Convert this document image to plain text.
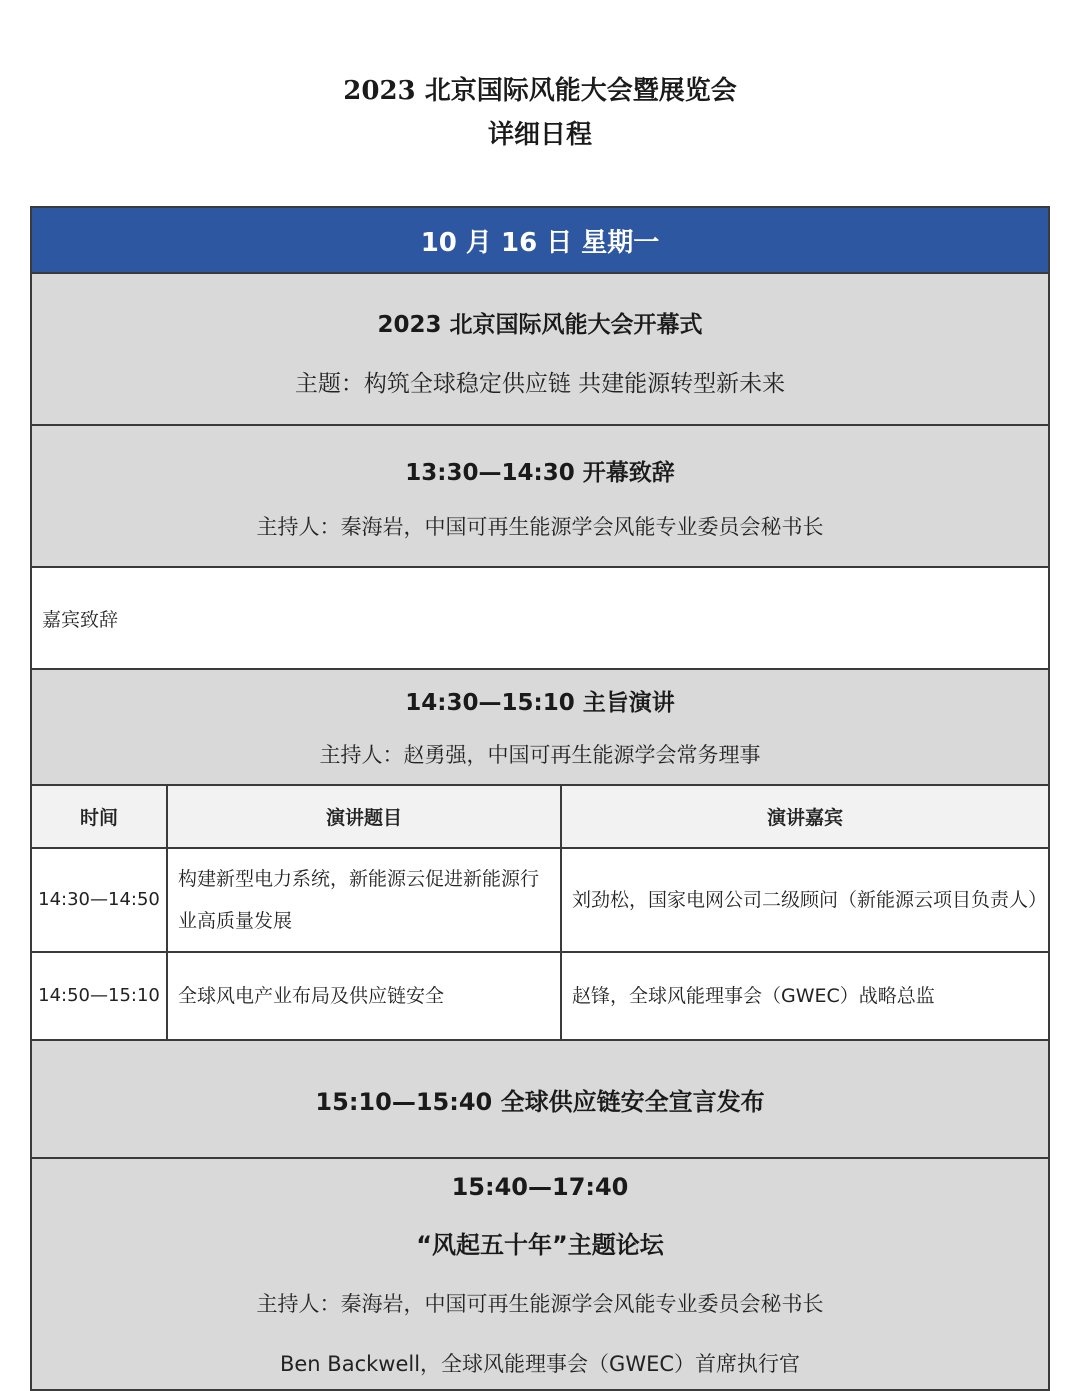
2023 北京国际风能大会暨展览会
详细日程
10 月 16 日 星期一
2023 北京国际风能大会开幕式
主题：构筑全球稳定供应链 共建能源转型新未来
13:30—14:30 开幕致辞
主持人：秦海岩，中国可再生能源学会风能专业委员会秘书长
嘉宾致辞
14:30—15:10 主旨演讲
主持人：赵勇强，中国可再生能源学会常务理事
时间	演讲题目	演讲嘉宾
14:30—14:50	构建新型电力系统，新能源云促进新能源行业高质量发展	刘劲松，国家电网公司二级顾问（新能源云项目负责人）
14:50—15:10	全球风电产业布局及供应链安全	赵锋，全球风能理事会（GWEC）战略总监
15:10—15:40 全球供应链安全宣言发布
15:40—17:40
“风起五十年”主题论坛
主持人：秦海岩，中国可再生能源学会风能专业委员会秘书长
Ben Backwell，全球风能理事会（GWEC）首席执行官
